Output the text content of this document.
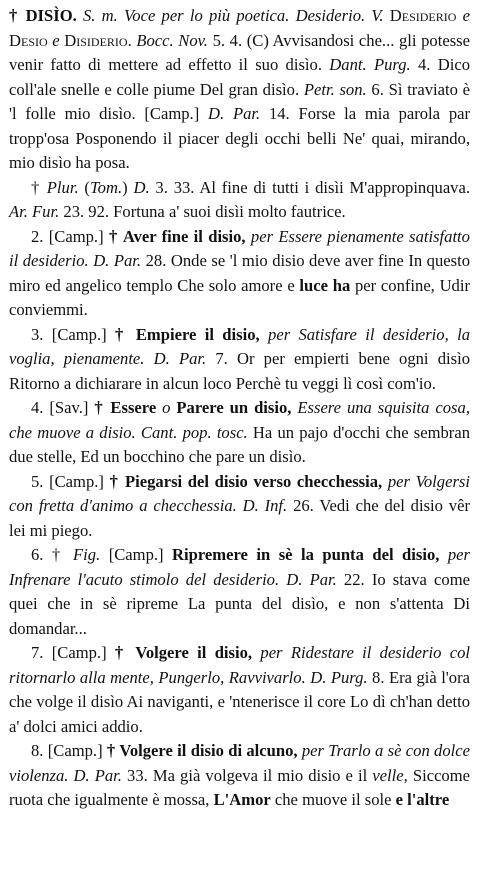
† DISÌO. S. m. Voce per lo più poetica. Desiderio. V. Desiderio e Desio e Disiderio. Bocc. Nov. 5. 4. (C) Avvisandosi che... gli potesse venir fatto di mettere ad effetto il suo disìo. Dant. Purg. 4. Dico coll'ale snelle e colle piume Del gran disìo. Petr. son. 6. Sì traviato è 'l folle mio disìo. [Camp.] D. Par. 14. Forse la mia parola par tropp'osa Posponendo il piacer degli occhi belli Ne' quai, mirando, mio disìo ha posa.

† Plur. (Tom.) D. 3. 33. Al fine di tutti i disìi M'appropinquava. Ar. Fur. 23. 92. Fortuna a' suoi disìi molto fautrice.

2. [Camp.] † Aver fine il disio, per Essere pienamente satisfatto il desiderio. D. Par. 28. Onde se 'l mio disio deve aver fine In questo miro ed angelico templo Che solo amore e luce ha per confine, Udir conviemmi.

3. [Camp.] † Empiere il disio, per Satisfare il desiderio, la voglia, pienamente. D. Par. 7. Or per empierti bene ogni disìo Ritorno a dichiarare in alcun loco Perchè tu veggi lì così com'io.

4. [Sav.] † Essere o Parere un disio, Essere una squisita cosa, che muove a disio. Cant. pop. tosc. Ha un pajo d'occhi che sembran due stelle, Ed un bocchino che pare un disìo.

5. [Camp.] † Piegarsi del disio verso checchessia, per Volgersi con fretta d'animo a checchessia. D. Inf. 26. Vedi che del disio vêr lei mi piego.

6. † Fig. [Camp.] Ripremere in sè la punta del disio, per Infrenare l'acuto stimolo del desiderio. D. Par. 22. Io stava come quei che in sè ripreme La punta del disìo, e non s'attenta Di domandar...

7. [Camp.] † Volgere il disio, per Ridestare il desiderio col ritornarlo alla mente, Pungerlo, Ravvivarlo. D. Purg. 8. Era già l'ora che volge il disìo Ai naviganti, e 'ntenerisce il core Lo dì ch'han detto a' dolci amici addio.

8. [Camp.] † Volgere il disio di alcuno, per Trarlo a sè con dolce violenza. D. Par. 33. Ma già volgeva il mio disio e il velle, Siccome ruota che igualmente è mossa, L'Amor che muove il sole e l'altre
